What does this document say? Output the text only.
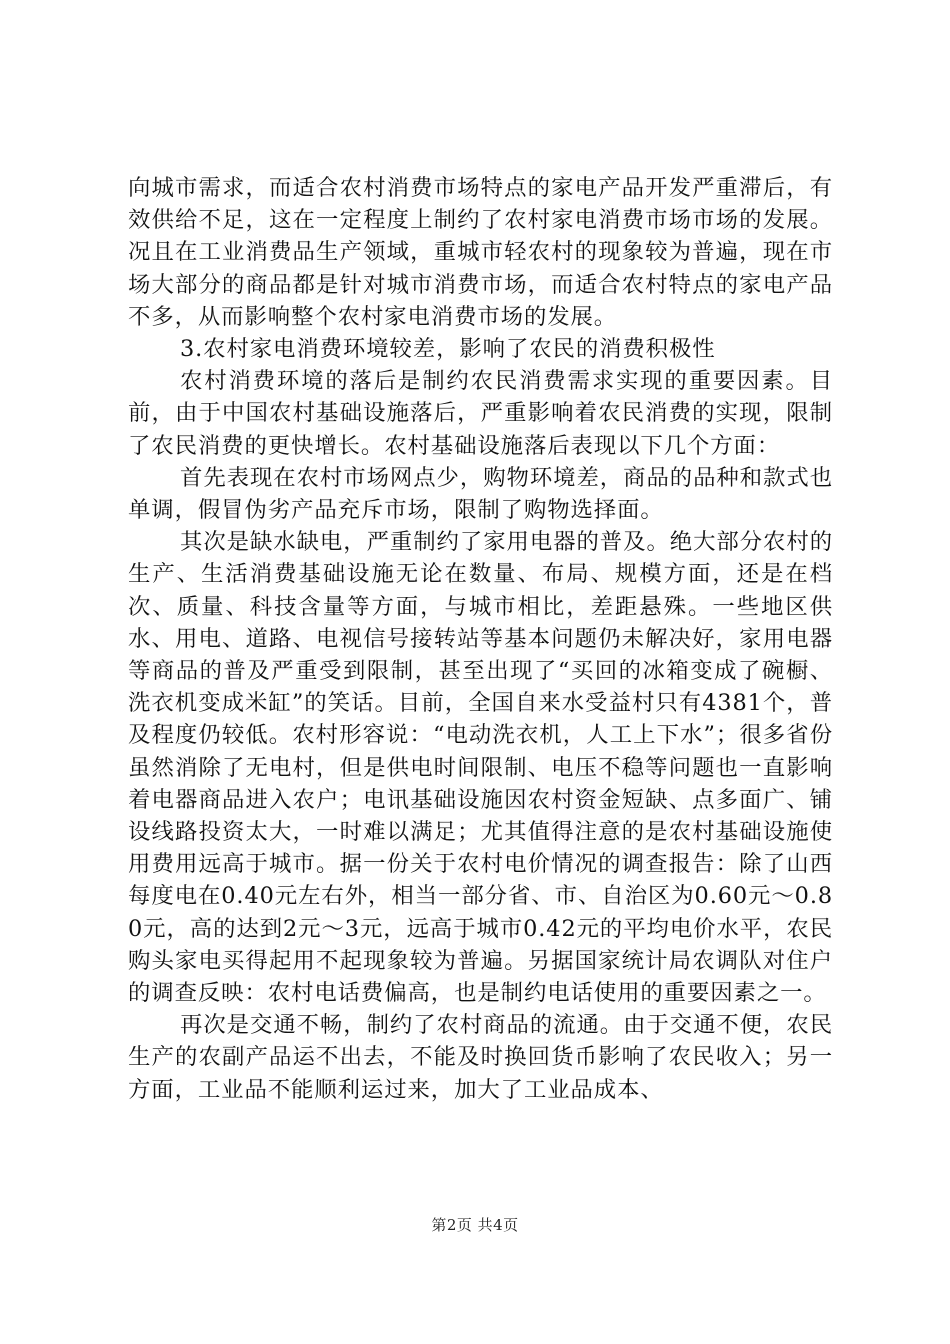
向城市需求，而适合农村消费市场特点的家电产品开发严重滞后，有效供给不足，这在一定程度上制约了农村家电消费市场市场的发展。况且在工业消费品生产领域，重城市轻农村的现象较为普遍，现在市场大部分的商品都是针对城市消费市场，而适合农村特点的家电产品不多，从而影响整个农村家电消费市场的发展。

3.农村家电消费环境较差，影响了农民的消费积极性

农村消费环境的落后是制约农民消费需求实现的重要因素。目前，由于中国农村基础设施落后，严重影响着农民消费的实现，限制了农民消费的更快增长。农村基础设施落后表现以下几个方面：

首先表现在农村市场网点少，购物环境差，商品的品种和款式也单调，假冒伪劣产品充斥市场，限制了购物选择面。

其次是缺水缺电，严重制约了家用电器的普及。绝大部分农村的生产、生活消费基础设施无论在数量、布局、规模方面，还是在档次、质量、科技含量等方面，与城市相比，差距悬殊。一些地区供水、用电、道路、电视信号接转站等基本问题仍未解决好，家用电器等商品的普及严重受到限制，甚至出现了“买回的冰箱变成了碗橱、洗衣机变成米缸”的笑话。目前，全国自来水受益村只有4381个，普及程度仍较低。农村形容说：“电动洗衣机，人工上下水”；很多省份虽然消除了无电村，但是供电时间限制、电压不稳等问题也一直影响着电器商品进入农户；电讯基础设施因农村资金短缺、点多面广、铺设线路投资太大，一时难以满足；尤其值得注意的是农村基础设施使用费用远高于城市。据一份关于农村电价情况的调查报告：除了山西每度电在0.40元左右外，相当一部分省、市、自治区为0.60元～0.80元，高的达到2元～3元，远高于城市0.42元的平均电价水平，农民购头家电买得起用不起现象较为普遍。另据国家统计局农调队对住户的调查反映：农村电话费偏高，也是制约电话使用的重要因素之一。

再次是交通不畅，制约了农村商品的流通。由于交通不便，农民生产的农副产品运不出去，不能及时换回货币影响了农民收入；另一方面，工业品不能顺利运过来，加大了工业品成本、

第2页 共4页
